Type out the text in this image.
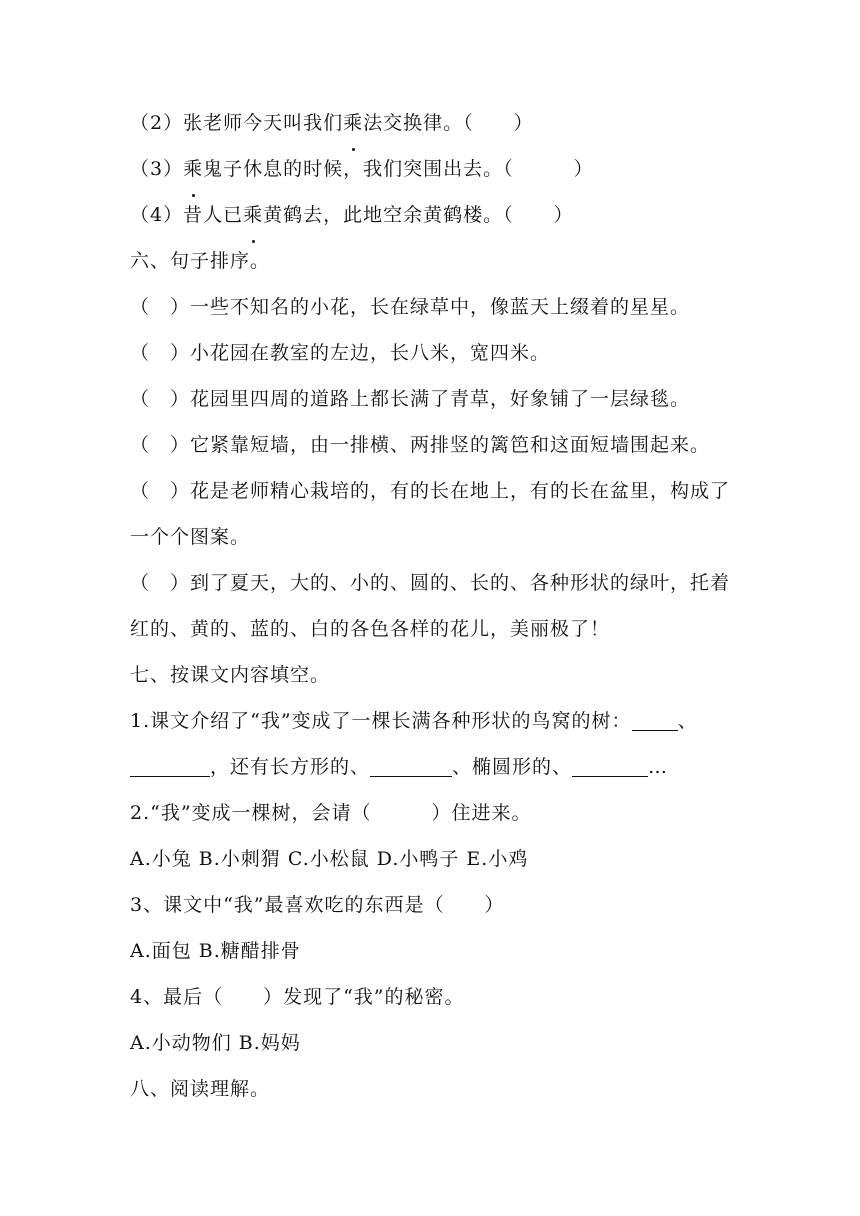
（2）张老师今天叫我们乘法交换律。（　　）
（3）乘鬼子休息的时候，我们突围出去。（　　　）
（4）昔人已乘黄鹤去，此地空余黄鹤楼。（　　）
六、句子排序。
（　）一些不知名的小花，长在绿草中，像蓝天上缀着的星星。
（　）小花园在教室的左边，长八米，宽四米。
（　）花园里四周的道路上都长满了青草，好象铺了一层绿毯。
（　）它紧靠短墙，由一排横、两排竖的篱笆和这面短墙围起来。
（　）花是老师精心栽培的，有的长在地上，有的长在盆里，构成了
一个个图案。
（　）到了夏天，大的、小的、圆的、长的、各种形状的绿叶，托着
红的、黄的、蓝的、白的各色各样的花儿，美丽极了！
七、按课文内容填空。
1.课文介绍了“我”变成了一棵长满各种形状的鸟窝的树： 、
，还有长方形的、	、椭圆形的、	…
2.“我”变成一棵树，会请（　　　）住进来。
A.小兔 B.小刺猬 C.小松鼠 D.小鸭子 E.小鸡
3、课文中“我”最喜欢吃的东西是（　　）
A.面包 B.糖醋排骨
4、最后（　　）发现了“我”的秘密。
A.小动物们 B.妈妈
八、阅读理解。
